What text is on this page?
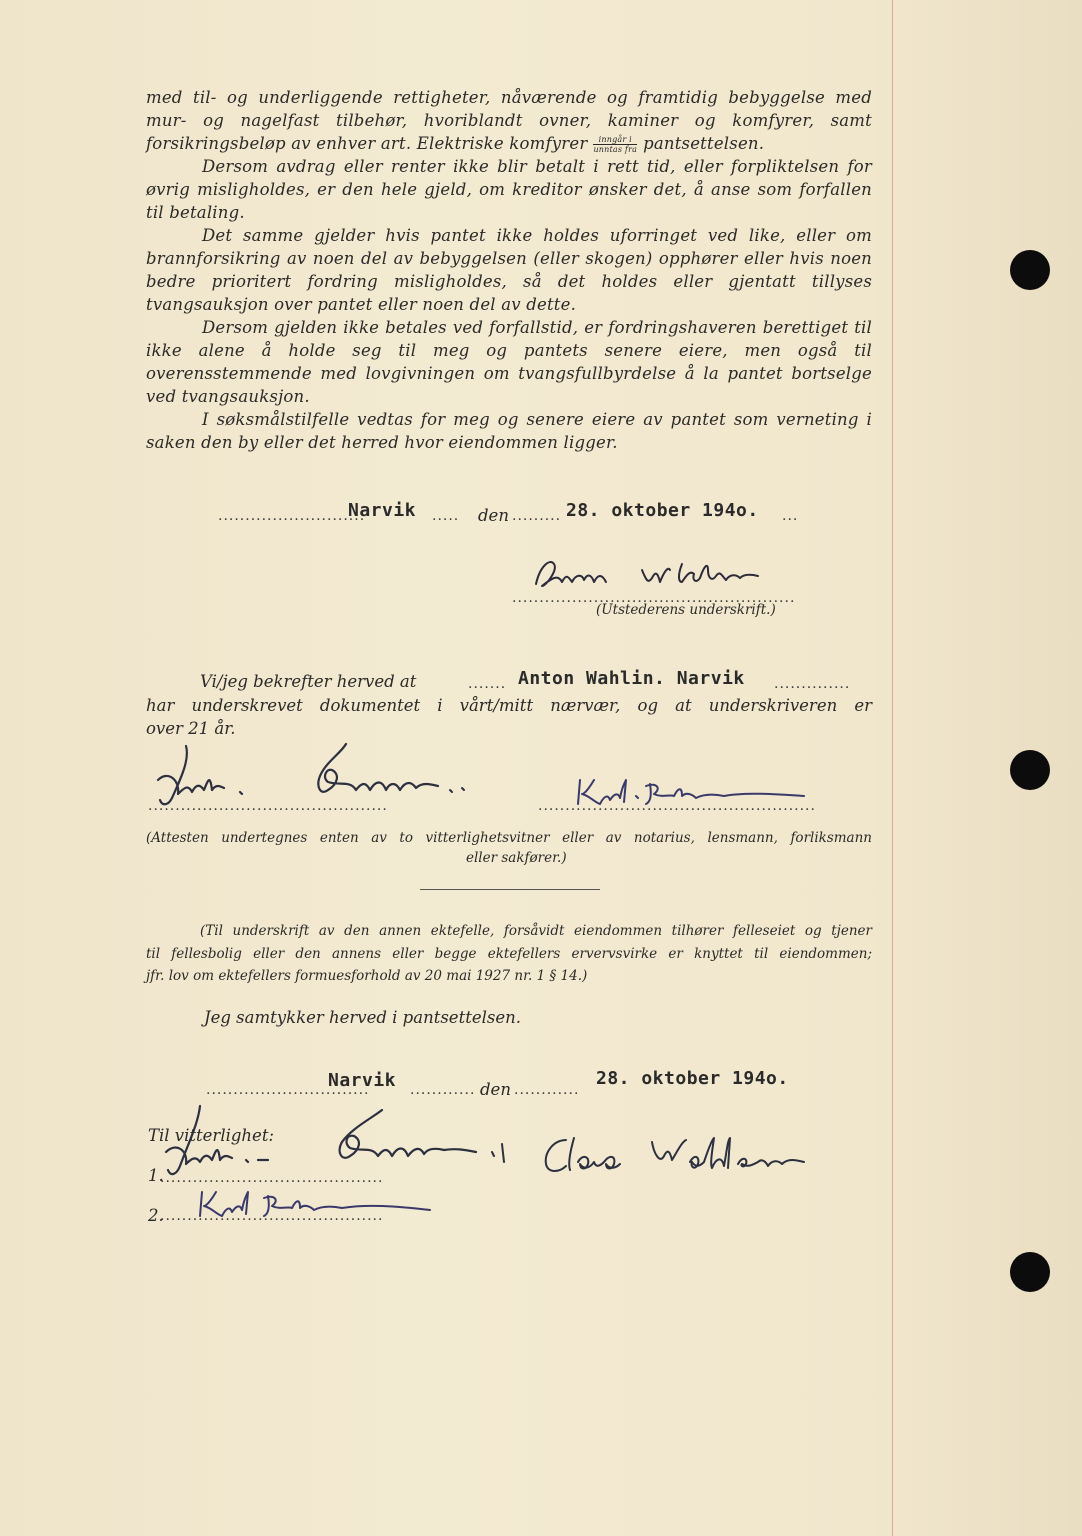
med til- og underliggende rettigheter, nåværende og framtidig bebyggelse med mur- og nagelfast tilbehør, hvoriblandt ovner, kaminer og komfyrer, samt forsikringsbeløp av enhver art. Elektriske komfyrer $\frac{\text{inngår i}}{\text{unntas fra}}$ pantsettelsen.

Dersom avdrag eller renter ikke blir betalt i rett tid, eller forpliktelsen for øvrig misligholdes, er den hele gjeld, om kreditor ønsker det, å anse som forfallen til betaling.

Det samme gjelder hvis pantet ikke holdes uforringet ved like, eller om brannforsikring av noen del av bebyggelsen (eller skogen) opphører eller hvis noen bedre prioritert fordring misligholdes, så det holdes eller gjentatt tillyses tvangsauksjon over pantet eller noen del av dette.

Dersom gjelden ikke betales ved forfallstid, er fordringshaveren berettiget til ikke alene å holde seg til meg og pantets senere eiere, men også til overensstemmende med lovgivningen om tvangsfullbyrdelse å la pantet bortselge ved tvangsauksjon.

I søksmålstilfelle vedtas for meg og senere eiere av pantet som verneting i saken den by eller det herred hvor eiendommen ligger.

...........................
Narvik ..... den ......... 28. oktober 194o. ...
....................................................
(Utstederens underskrift.)
Vi/jeg bekrefter herved at	....... Anton Wahlin. Narvik ..............
har underskrevet dokumentet i vårt/mitt nærvær, og at underskriveren er
over 21 år.
............................................	...................................................
(Attesten undertegnes enten av to vitterlighetsvitner eller av notarius, lensmann, forliksmann
eller sakfører.)
(Til underskrift av den annen ektefelle, forsåvidt eiendommen tilhører felleseiet og tjener
til fellesbolig eller den annens eller begge ektefellers ervervsvirke er knyttet til eiendommen;
jfr. lov om ektefellers formuesforhold av 20 mai 1927 nr. 1 § 14.)
Jeg samtykker herved i pantsettelsen.
..............................
Narvik ............ den ............
28. oktober 194o.
Til vitterlighet:
1.
2.
.........................................
.........................................
